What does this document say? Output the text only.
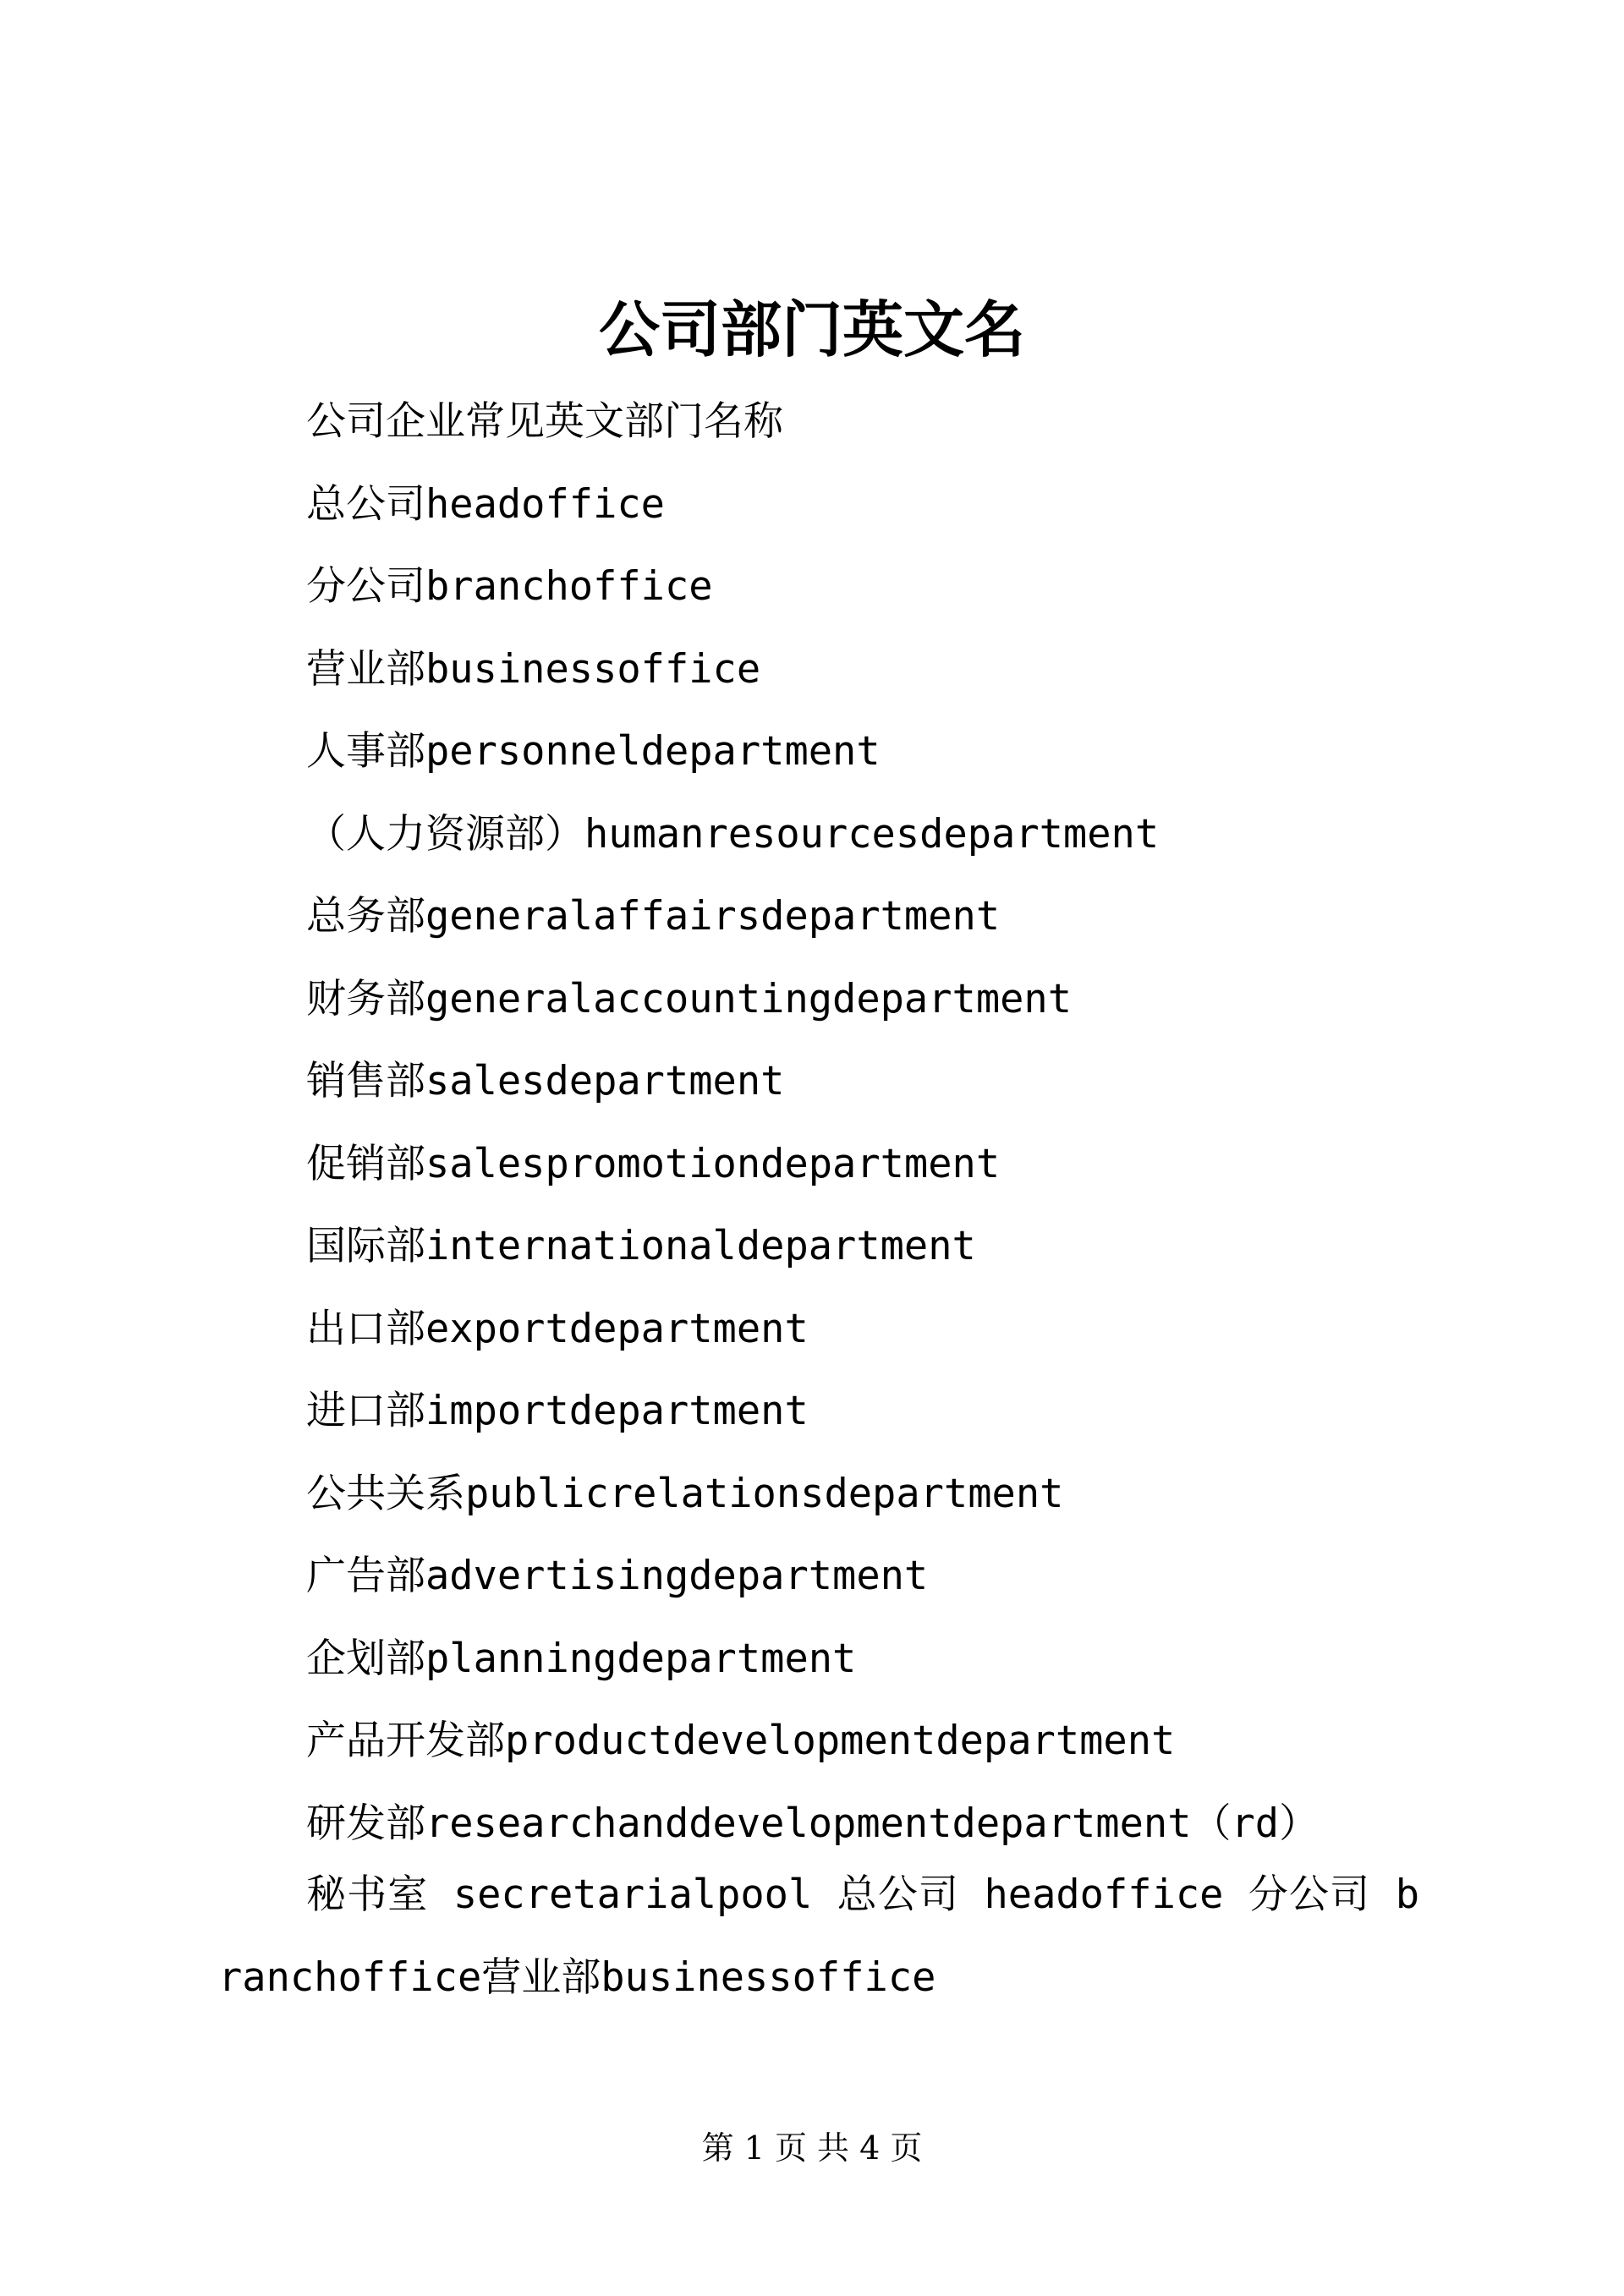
公司部门英文名
公司企业常见英文部门名称
总公司headoffice
分公司branchoffice
营业部businessoffice
人事部personneldepartment
（人力资源部）humanresourcesdepartment
总务部generalaffairsdepartment
财务部generalaccountingdepartment
销售部salesdepartment
促销部salespromotiondepartment
国际部internationaldepartment
出口部exportdepartment
进口部importdepartment
公共关系publicrelationsdepartment
广告部advertisingdepartment
企划部planningdepartment
产品开发部productdevelopmentdepartment
研发部researchanddevelopmentdepartment（rd）
秘书室 secretarialpool 总公司 headoffice 分公司 branchoffice营业部businessoffice
第 1 页 共 4 页
